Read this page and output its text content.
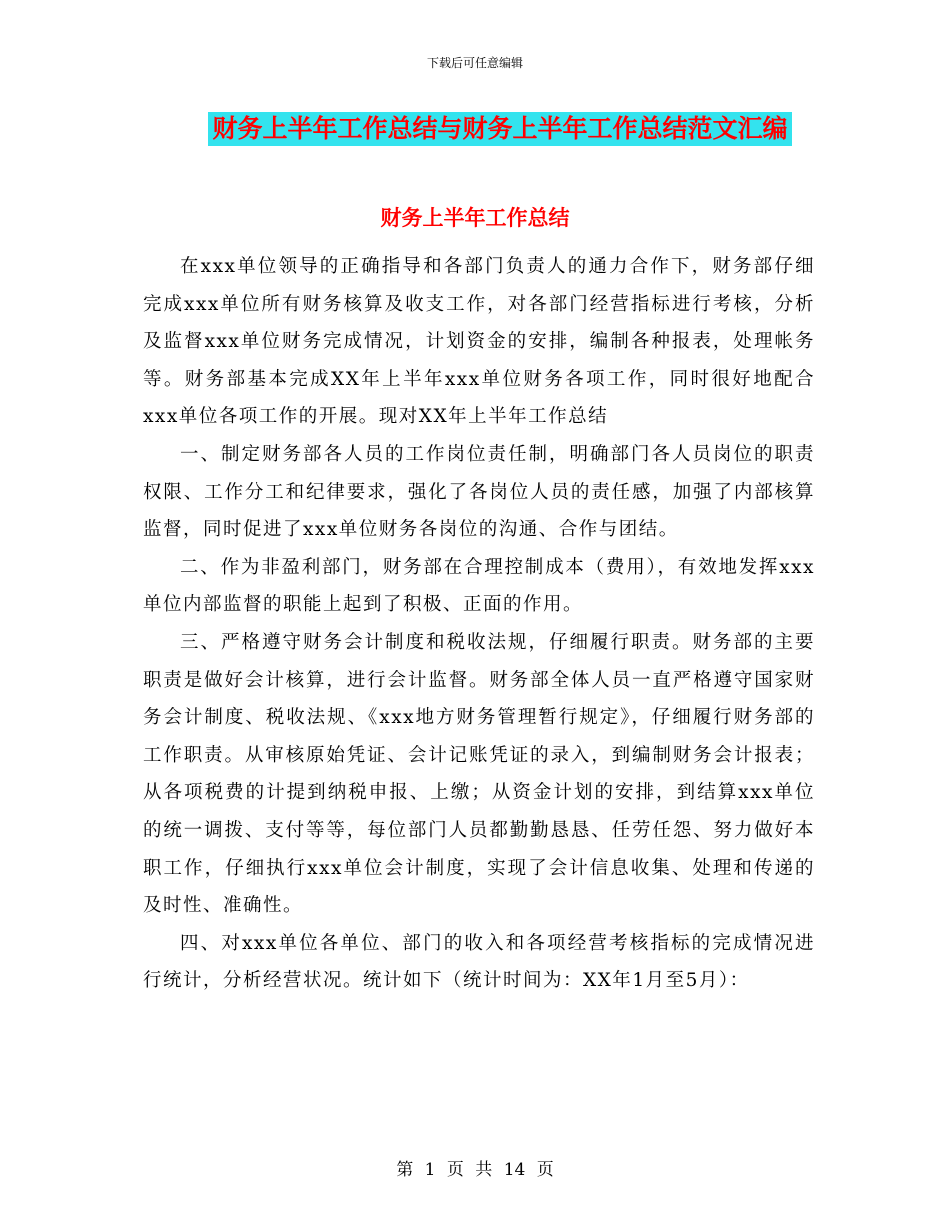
下载后可任意编辑
财务上半年工作总结与财务上半年工作总结范文汇编
财务上半年工作总结

在xxx单位领导的正确指导和各部门负责人的通力合作下，财务部仔细完成xxx单位所有财务核算及收支工作，对各部门经营指标进行考核，分析及监督xxx单位财务完成情况，计划资金的安排，编制各种报表，处理帐务等。财务部基本完成XX年上半年xxx单位财务各项工作，同时很好地配合xxx单位各项工作的开展。现对XX年上半年工作总结

一、制定财务部各人员的工作岗位责任制，明确部门各人员岗位的职责权限、工作分工和纪律要求，强化了各岗位人员的责任感，加强了内部核算监督，同时促进了xxx单位财务各岗位的沟通、合作与团结。

二、作为非盈利部门，财务部在合理控制成本（费用），有效地发挥xxx单位内部监督的职能上起到了积极、正面的作用。

三、严格遵守财务会计制度和税收法规，仔细履行职责。财务部的主要职责是做好会计核算，进行会计监督。财务部全体人员一直严格遵守国家财务会计制度、税收法规、《xxx地方财务管理暂行规定》，仔细履行财务部的工作职责。从审核原始凭证、会计记账凭证的录入，到编制财务会计报表；从各项税费的计提到纳税申报、上缴；从资金计划的安排，到结算xxx单位的统一调拨、支付等等，每位部门人员都勤勤恳恳、任劳任怨、努力做好本职工作，仔细执行xxx单位会计制度，实现了会计信息收集、处理和传递的及时性、准确性。

四、对xxx单位各单位、部门的收入和各项经营考核指标的完成情况进行统计，分析经营状况。统计如下（统计时间为：XX年1月至5月）：

第 1 页 共 14 页
